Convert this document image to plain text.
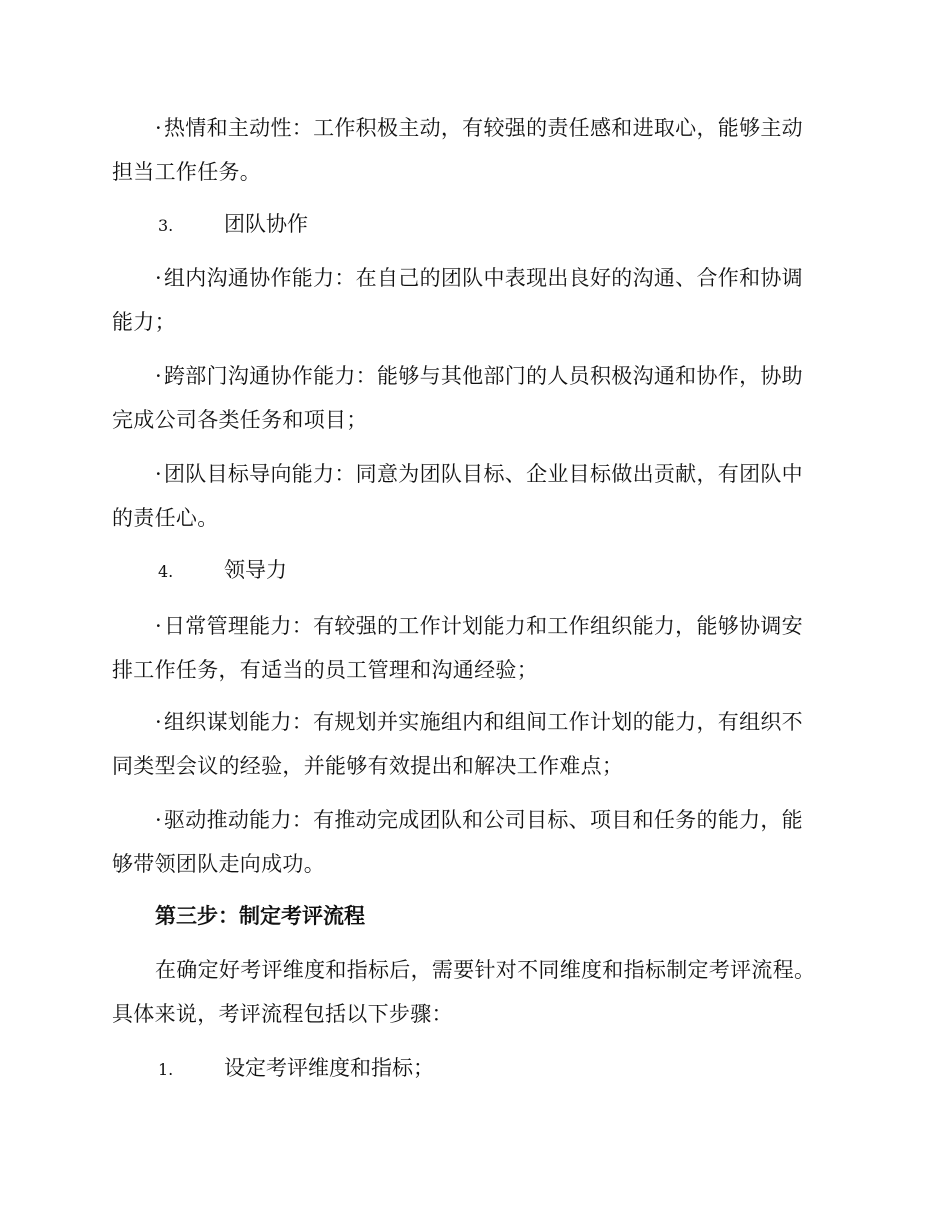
·热情和主动性：工作积极主动，有较强的责任感和进取心，能够主动担当工作任务。

3. 团队协作

·组内沟通协作能力：在自己的团队中表现出良好的沟通、合作和协调能力；

·跨部门沟通协作能力：能够与其他部门的人员积极沟通和协作，协助完成公司各类任务和项目；

·团队目标导向能力：同意为团队目标、企业目标做出贡献，有团队中的责任心。

4. 领导力

·日常管理能力：有较强的工作计划能力和工作组织能力，能够协调安排工作任务，有适当的员工管理和沟通经验；

·组织谋划能力：有规划并实施组内和组间工作计划的能力，有组织不同类型会议的经验，并能够有效提出和解决工作难点；

·驱动推动能力：有推动完成团队和公司目标、项目和任务的能力，能够带领团队走向成功。

第三步：制定考评流程

在确定好考评维度和指标后，需要针对不同维度和指标制定考评流程。具体来说，考评流程包括以下步骤：

1. 设定考评维度和指标；
